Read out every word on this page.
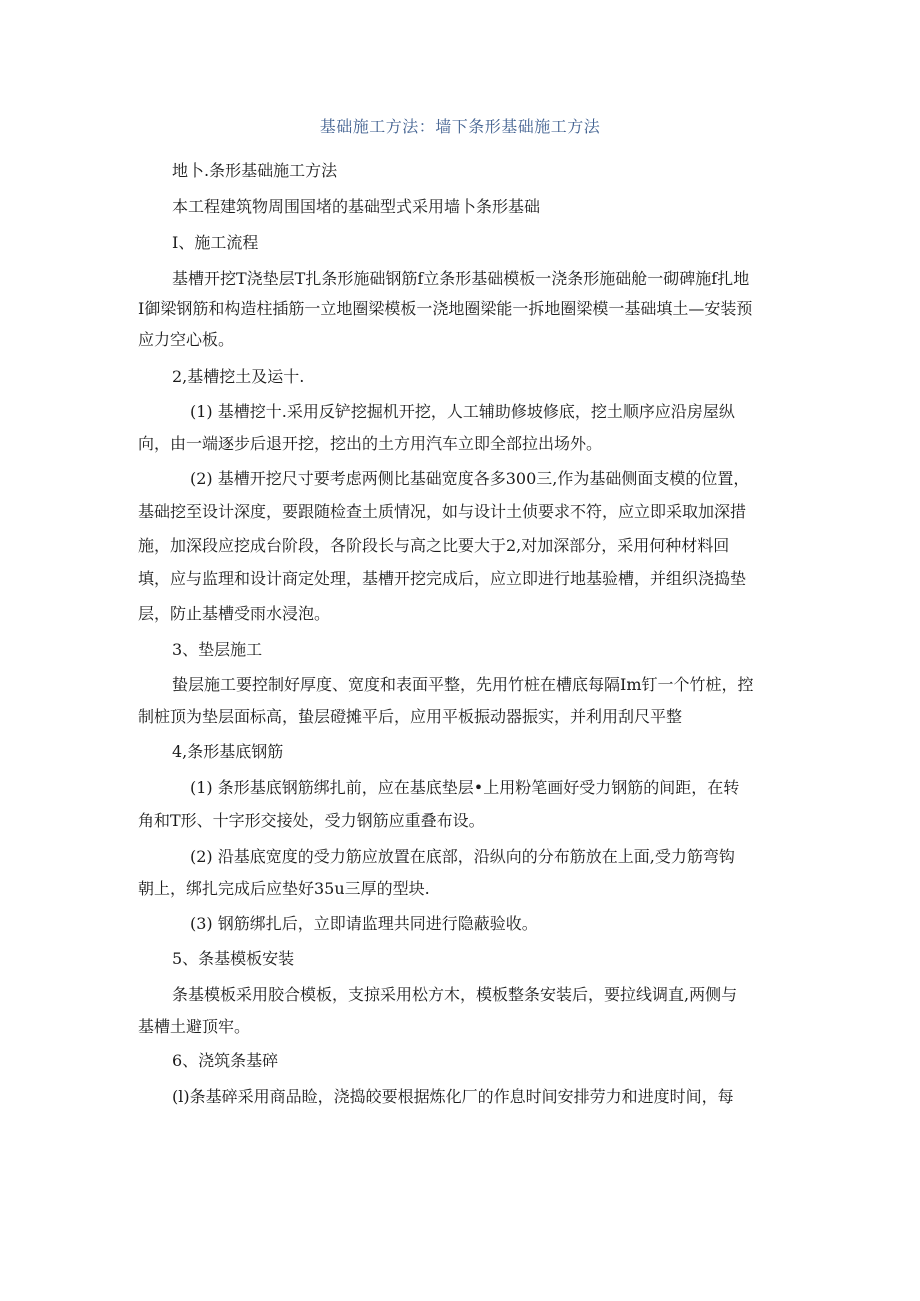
基础施工方法：墙下条形基础施工方法
地卜.条形基础施工方法
本工程建筑物周围国堵的基础型式采用墙卜条形基础
I、施工流程
基槽开挖T浇垫层T扎条形施础钢筋f立条形基础模板一浇条形施础舱一砌碑施f扎地
I御梁钢筋和构造柱插筋一立地圈梁模板一浇地圈梁能一拆地圈梁模一基础填土—安装预
应力空心板。
2,基槽挖土及运十.
(1) 基槽挖十.采用反铲挖掘机开挖，人工辅助修坡修底，挖土顺序应沿房屋纵
向，由一端逐步后退开挖，挖出的土方用汽车立即全部拉出场外。
(2) 基槽开挖尺寸要考虑两侧比基础宽度各多300三,作为基础侧面支模的位置，
基础挖至设计深度，要跟随检查土质情况，如与设计土侦要求不符，应立即采取加深措
施，加深段应挖成台阶段，各阶段长与高之比要大于2,对加深部分，采用何种材料回
填，应与监理和设计商定处理，基槽开挖完成后，应立即进行地基验槽，并组织浇捣垫
层，防止基槽受雨水浸泡。
3、垫层施工
蛰层施工要控制好厚度、宽度和表面平整，先用竹桩在槽底每隔Im钉一个竹桩，控
制桩顶为垫层面标高，蛰层磴摊平后，应用平板振动器振实，并利用刮尺平整
4,条形基底钢筋
(1) 条形基底钢筋绑扎前，应在基底垫层•上用粉笔画好受力钢筋的间距，在转
角和T形、十字形交接处，受力钢筋应重叠布设。
(2) 沿基底宽度的受力筋应放置在底部，沿纵向的分布筋放在上面,受力筋弯钩
朝上，绑扎完成后应垫好35u三厚的型块.
(3) 钢筋绑扎后，立即请监理共同进行隐蔽验收。
5、条基模板安装
条基模板采用胶合模板，支掠采用松方木，模板整条安装后，要拉线调直,两侧与
基槽土避顶牢。
6、浇筑条基碎
(l)条基碎采用商品睑，浇捣皎要根据炼化厂的作息时间安排劳力和进度时间，每
